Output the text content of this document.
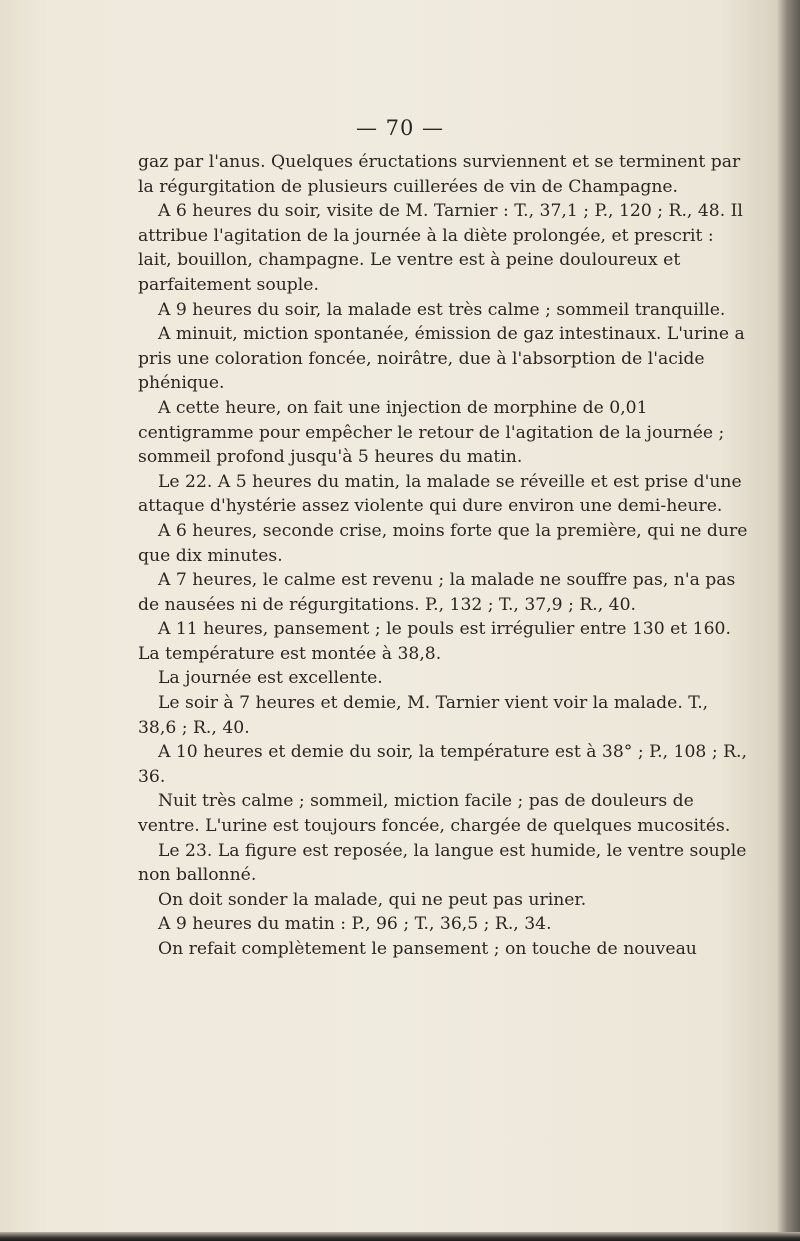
— 70 —

gaz par l'anus. Quelques éructations surviennent et se terminent par la régurgitation de plusieurs cuillerées de vin de Champagne.

A 6 heures du soir, visite de M. Tarnier : T., 37,1 ; P., 120 ; R., 48. Il attribue l'agitation de la journée à la diète prolongée, et prescrit : lait, bouillon, champagne. Le ventre est à peine douloureux et parfaitement souple.

A 9 heures du soir, la malade est très calme ; sommeil tranquille.

A minuit, miction spontanée, émission de gaz intestinaux. L'urine a pris une coloration foncée, noirâtre, due à l'absorption de l'acide phénique.

A cette heure, on fait une injection de morphine de 0,01 centigramme pour empêcher le retour de l'agitation de la journée ; sommeil profond jusqu'à 5 heures du matin.

Le 22. A 5 heures du matin, la malade se réveille et est prise d'une attaque d'hystérie assez violente qui dure environ une demi-heure.

A 6 heures, seconde crise, moins forte que la première, qui ne dure que dix minutes.

A 7 heures, le calme est revenu ; la malade ne souffre pas, n'a pas de nausées ni de régurgitations. P., 132 ; T., 37,9 ; R., 40.

A 11 heures, pansement ; le pouls est irrégulier entre 130 et 160. La température est montée à 38,8.

La journée est excellente.

Le soir à 7 heures et demie, M. Tarnier vient voir la malade. T., 38,6 ; R., 40.

A 10 heures et demie du soir, la température est à 38° ; P., 108 ; R., 36.

Nuit très calme ; sommeil, miction facile ; pas de douleurs de ventre. L'urine est toujours foncée, chargée de quelques mucosités.

Le 23. La figure est reposée, la langue est humide, le ventre souple non ballonné.

On doit sonder la malade, qui ne peut pas uriner.

A 9 heures du matin : P., 96 ; T., 36,5 ; R., 34.

On refait complètement le pansement ; on touche de nouveau
